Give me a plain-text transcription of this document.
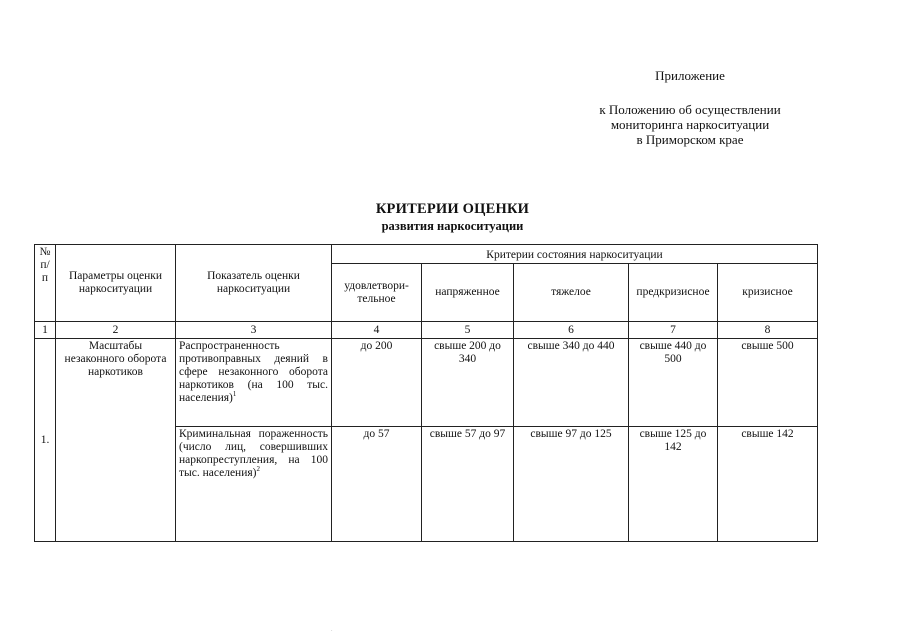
Приложение
к Положению об осуществлении
мониторинга наркоситуации
в Приморском крае
КРИТЕРИИ ОЦЕНКИ
развития наркоситуации
№
п/п	Параметры оценки наркоситуации	Показатель оценки наркоситуации	Критерии состояния наркоситуации				
			удовлетвори-тельное	напряженное	тяжелое	предкризисное	кризисное
1	2	3	4	5	6	7	8
1.	Масштабы незаконного оборота наркотиков	Распространенность противоправных деяний в сфере незаконного оборота наркотиков (на 100 тыс. населения)$^1$	до 200	свыше 200 до 340	свыше 340 до 440	свыше 440 до 500	свыше 500
		Криминальная пораженность (число лиц, совершивших наркопреступления, на 100 тыс. населения)$^2$	до 57	свыше 57 до 97	свыше 97 до 125	свыше 125 до 142	свыше 142
.
